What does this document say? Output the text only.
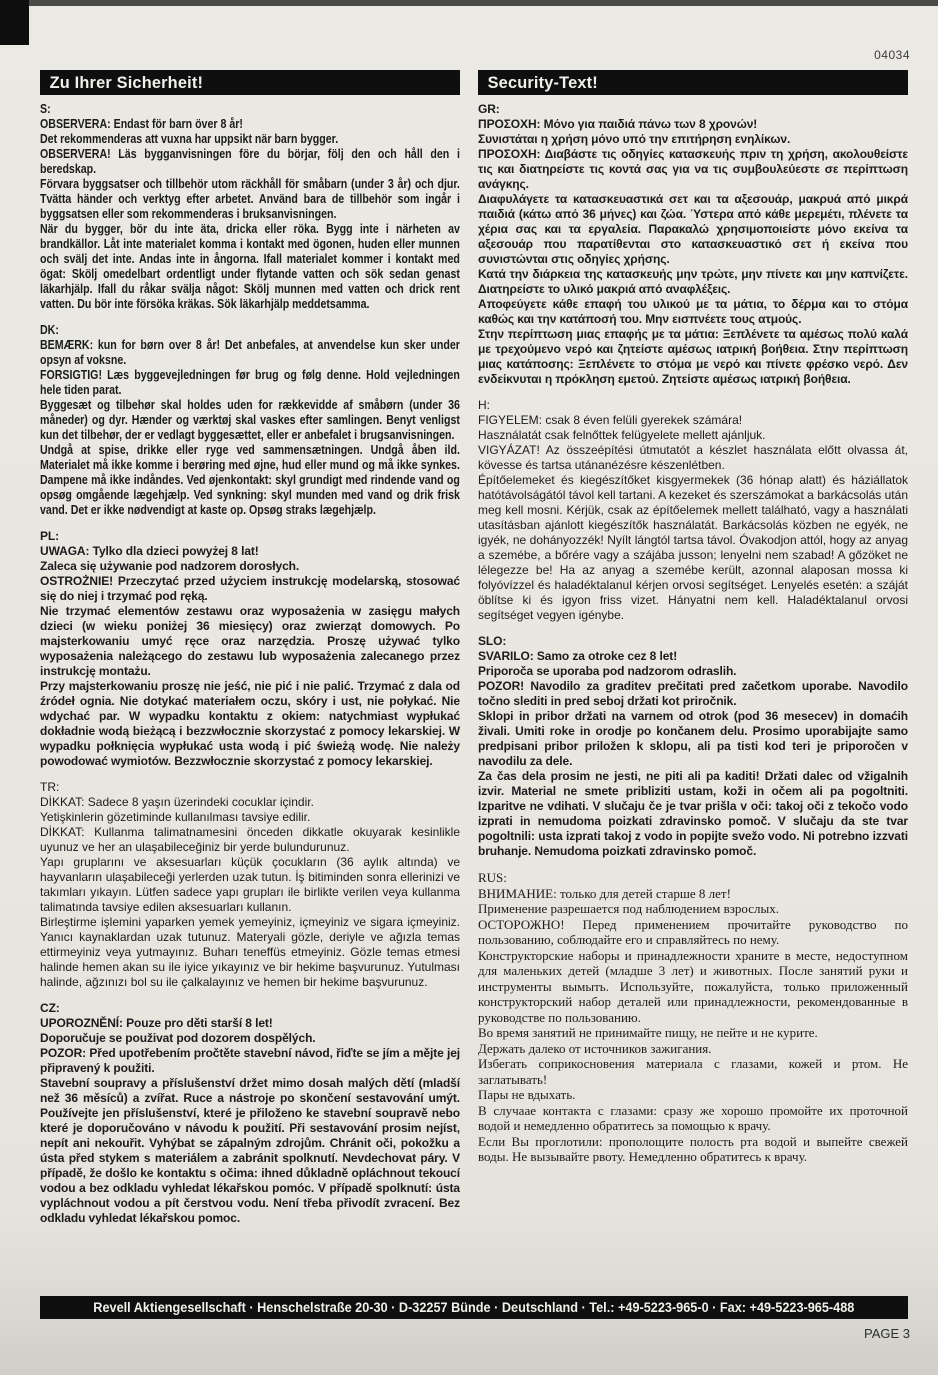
04034
Zu Ihrer Sicherheit!	Security-Text!

S:

OBSERVERA: Endast för barn över 8 år!

Det rekommenderas att vuxna har uppsikt när barn bygger.

OBSERVERA! Läs bygganvisningen före du börjar, följ den och håll den i beredskap.

Förvara byggsatser och tillbehör utom räckhåll för småbarn (under 3 år) och djur. Tvätta händer och verktyg efter arbetet. Använd bara de tillbehör som ingår i byggsatsen eller som rekommenderas i bruksanvisningen.

När du bygger, bör du inte äta, dricka eller röka. Bygg inte i närheten av brandkällor. Låt inte materialet komma i kontakt med ögonen, huden eller munnen och svälj det inte. Andas inte in ångorna. Ifall materialet kommer i kontakt med ögat: Skölj omedelbart ordentligt under flytande vatten och sök sedan genast läkarhjälp. Ifall du råkar svälja något: Skölj munnen med vatten och drick rent vatten. Du bör inte försöka kräkas. Sök läkarhjälp meddetsamma.

DK:

BEMÆRK: kun for børn over 8 år! Det anbefales, at anvendelse kun sker under opsyn af voksne.

FORSIGTIG! Læs byggevejledningen før brug og følg denne. Hold vejledningen hele tiden parat.

Byggesæt og tilbehør skal holdes uden for rækkevidde af småbørn (under 36 måneder) og dyr. Hænder og værktøj skal vaskes efter samlingen. Benyt venligst kun det tilbehør, der er vedlagt byggesættet, eller er anbefalet i brugsanvisningen.

Undgå at spise, drikke eller ryge ved sammensætningen. Undgå åben ild. Materialet må ikke komme i berøring med øjne, hud eller mund og må ikke synkes. Dampene må ikke indåndes. Ved øjenkontakt: skyl grundigt med rindende vand og opsøg omgående lægehjælp. Ved synkning: skyl munden med vand og drik frisk vand. Det er ikke nødvendigt at kaste op. Opsøg straks lægehjælp.

PL:

UWAGA: Tylko dla dzieci powyżej 8 lat!

Zaleca się używanie pod nadzorem dorosłych.

OSTROŻNIE! Przeczytać przed użyciem instrukcję modelarską, stosować się do niej i trzymać pod ręką.

Nie trzymać elementów zestawu oraz wyposażenia w zasięgu małych dzieci (w wieku poniżej 36 miesięcy) oraz zwierząt domowych. Po majsterkowaniu umyć ręce oraz narzędzia. Proszę używać tylko wyposażenia należącego do zestawu lub wyposażenia zalecanego przez instrukcję montażu.

Przy majsterkowaniu proszę nie jeść, nie pić i nie palić. Trzymać z dala od źródeł ognia. Nie dotykać materiałem oczu, skóry i ust, nie połykać. Nie wdychać par. W wypadku kontaktu z okiem: natychmiast wypłukać dokładnie wodą bieżącą i bezzwłocznie skorzystać z pomocy lekarskiej. W wypadku połknięcia wypłukać usta wodą i pić świeżą wodę. Nie należy powodować wymiotów. Bezzwłocznie skorzystać z pomocy lekarskiej.

TR:

DİKKAT: Sadece 8 yaşın üzerindeki cocuklar içindir.

Yetişkinlerin gözetiminde kullanılması tavsiye edilir.

DİKKAT: Kullanma talimatnamesini önceden dikkatle okuyarak kesinlikle uyunuz ve her an ulaşabileceğiniz bir yerde bulundurunuz.

Yapı gruplarını ve aksesuarları küçük çocukların (36 aylık altında) ve hayvanların ulaşabileceği yerlerden uzak tutun. İş bitiminden sonra ellerinizi ve takımları yıkayın. Lütfen sadece yapı grupları ile birlikte verilen veya kullanma talimatında tavsiye edilen aksesuarları kullanın.

Birleştirme işlemini yaparken yemek yemeyiniz, içmeyiniz ve sigara içmeyiniz. Yanıcı kaynaklardan uzak tutunuz. Materyali gözle, deriyle ve ağızla temas ettirmeyiniz veya yutmayınız. Buharı teneffüs etmeyiniz. Gözle temas etmesi halinde hemen akan su ile iyice yıkayınız ve bir hekime başvurunuz. Yutulması halinde, ağzınızı bol su ile çalkalayınız ve hemen bir hekime başvurunuz.

CZ:

UPOROZNĚNÍ: Pouze pro děti starší 8 let!

Doporučuje se použivat pod dozorem dospělých.

POZOR: Před upotřebením pročtěte stavební návod, řiďte se jím a mějte jej připravený k použiti.

Stavební soupravy a příslušenství držet mimo dosah malých dětí (mladší než 36 měsíců) a zvířat. Ruce a nástroje po skončení sestavování umýt. Používejte jen příslušenství, které je přiloženo ke stavební soupravě nebo které je doporučováno v návodu k použití. Při sestavování prosim nejíst, nepít ani nekouřit. Vyhýbat se zápalným zdrojům. Chránit oči, pokožku a ústa před stykem s materiálem a zabránit spolknutí. Nevdechovat páry. V případě, že došlo ke kontaktu s očima: ihned důkladně opláchnout tekoucí vodou a bez odkladu vyhledat lékařskou pomóc. V případě spolknutí: ústa vypláchnout vodou a pít čerstvou vodu. Není třeba přivodít zvracení. Bez odkladu vyhledat lékařskou pomoc.

GR:

ΠΡΟΣΟΧΗ: Μόνο για παιδιά πάνω των 8 χρονών!

Συνιστάται η χρήση μόνο υπό την επιτήρηση ενηλίκων.

ΠΡΟΣΟΧΗ: Διαβάστε τις οδηγίες κατασκευής πριν τη χρήση, ακολουθείστε τις και διατηρείστε τις κοντά σας για να τις συμβουλεύεστε σε περίπτωση ανάγκης.

Διαφυλάγετε τα κατασκευαστικά σετ και τα αξεσουάρ, μακρυά από μικρά παιδιά (κάτω από 36 μήνες) και ζώα. Ύστερα από κάθε μερεμέτι, πλένετε τα χέρια σας και τα εργαλεία. Παρακαλώ χρησιμοποιείστε μόνο εκείνα τα αξεσουάρ που παρατίθενται στο κατασκευαστικό σετ ή εκείνα που συνιστώνται στις οδηγίες χρήσης.

Κατά την διάρκεια της κατασκευής μην τρώτε, μην πίνετε και μην καπνίζετε. Διατηρείστε το υλικό μακριά από αναφλέξεις.

Αποφεύγετε κάθε επαφή του υλικού με τα μάτια, το δέρμα και το στόμα καθώς και την κατάποσή του. Μην εισπνέετε τους ατμούς.

Στην περίπτωση μιας επαφής με τα μάτια: Ξεπλένετε τα αμέσως πολύ καλά με τρεχούμενο νερό και ζητείστε αμέσως ιατρική βοήθεια. Στην περίπτωση μιας κατάποσης: Ξεπλένετε το στόμα με νερό και πίνετε φρέσκο νερό. Δεν ενδείκνυται η πρόκληση εμετού. Ζητείστε αμέσως ιατρική βοήθεια.

H:

FIGYELEM: csak 8 éven felüli gyerekek számára!

Használatát csak felnőttek felügyelete mellett ajánljuk.

VIGYÁZAT! Az összeépítési útmutatót a készlet használata előtt olvassa át, kövesse és tartsa utánanézésre készenlétben.

Építőelemeket és kiegészítőket kisgyermekek (36 hónap alatt) és háziállatok hatótávolságától távol kell tartani. A kezeket és szerszámokat a barkácsolás után meg kell mosni. Kérjük, csak az építőelemek mellett található, vagy a használati utasításban ajánlott kiegészítők használatát. Barkácsolás közben ne egyék, ne igyék, ne dohányozzék! Nyílt lángtól tartsa távol. Óvakodjon attól, hogy az anyag a szemébe, a bőrére vagy a szájába jusson; lenyelni nem szabad! A gőzöket ne lélegezze be! Ha az anyag a szemébe került, azonnal alaposan mossa ki folyóvízzel és haladéktalanul kérjen orvosi segítséget. Lenyelés esetén: a száját öblítse ki és igyon friss vizet. Hányatni nem kell. Haladéktalanul orvosi segítséget vegyen igénybe.

SLO:

SVARILO: Samo za otroke cez 8 let!

Priporoča se uporaba pod nadzorom odraslih.

POZOR! Navodilo za graditev prečitati pred začetkom uporabe. Navodilo točno slediti in pred seboj držati kot priročnik.

Sklopi in pribor držati na varnem od otrok (pod 36 mesecev) in domaćih živali. Umiti roke in orodje po končanem delu. Prosimo uporabijajte samo predpisani pribor priložen k sklopu, ali pa tisti kod teri je priporočen v navodilu za dele.

Za čas dela prosim ne jesti, ne piti ali pa kaditi! Držati dalec od vžigalnih izvir. Material ne smete pribliziti ustam, koži in očem ali pa pogoltniti. Izparitve ne vdihati. V slučaju če je tvar prišla v oči: takoj oči z tekočo vodo izprati in nemudoma poizkati zdravinsko pomoč. V slučaju da ste tvar pogoltnili: usta izprati takoj z vodo in popijte svežo vodo. Ni potrebno izzvati bruhanje. Nemudoma poizkati zdravinsko pomoč.

RUS:

ВНИМАНИЕ: только для детей старше 8 лет!

Применение разрешается под наблюдением взрослых.

ОСТОРОЖНО! Перед применением прочитайте руководство по пользованию, соблюдайте его и справляйтесь по нему.

Конструкторские наборы и принадлежности храните в месте, недоступном для маленьких детей (младше 3 лет) и животных. После занятий руки и инструменты вымыть. Используйте, пожалуйста, только приложенный конструкторский набор деталей или принадлежности, рекомендованные в руководстве по пользованию.

Во время занятий не принимайте пищу, не пейте и не курите.

Держать далеко от источников зажигания.

Избегать соприкосновения материала с глазами, кожей и ртом. Не заглатывать!

Пары не вдыхать.

В случаае контакта с глазами: сразу же хорошо промойте их проточной водой и немедленно обратитесь за помощью к врачу.

Если Вы проглотили: прополощите полость рта водой и выпейте свежей воды. Не вызывайте рвоту. Немедленно обратитесь к врачу.

Revell Aktiengesellschaft · Henschelstraße 20-30 · D-32257 Bünde · Deutschland · Tel.: +49-5223-965-0 · Fax: +49-5223-965-488
PAGE 3
